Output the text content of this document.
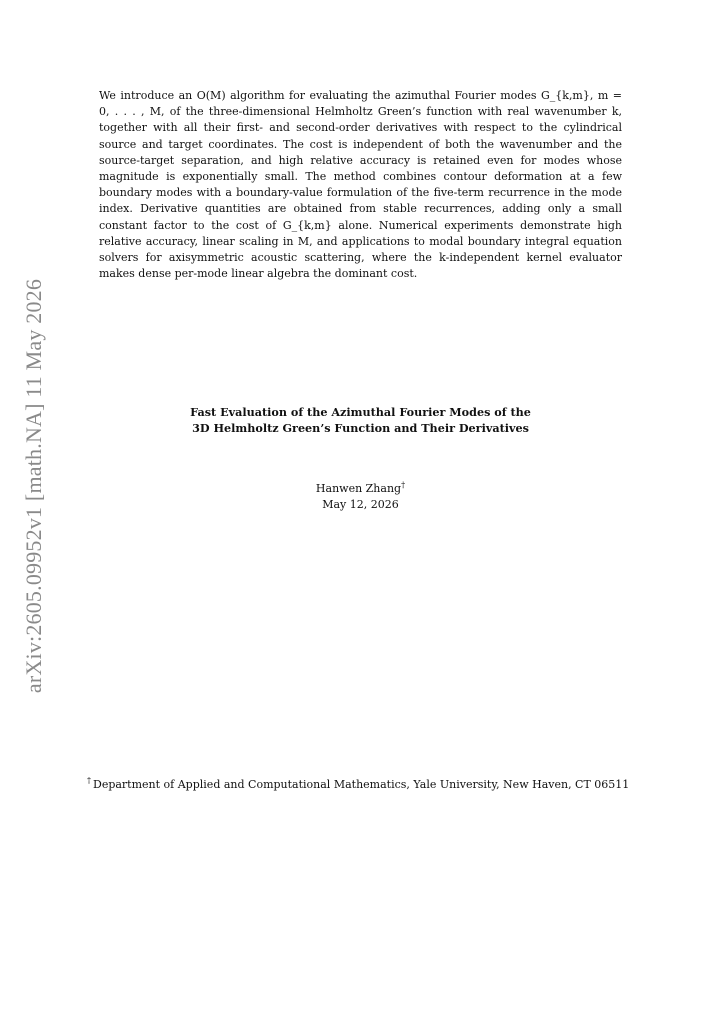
arXiv:2605.09952v1 [math.NA] 11 May 2026

We introduce an O(M) algorithm for evaluating the azimuthal Fourier modes G_{k,m}, m = 0, . . . , M, of the three-dimensional Helmholtz Green’s function with real wavenumber k, together with all their first- and second-order derivatives with respect to the cylindrical source and target coordinates. The cost is independent of both the wavenumber and the source-target separation, and high relative accuracy is retained even for modes whose magnitude is exponentially small. The method combines contour deformation at a few boundary modes with a boundary-value formulation of the five-term recurrence in the mode index. Derivative quantities are obtained from stable recurrences, adding only a small constant factor to the cost of G_{k,m} alone. Numerical experiments demonstrate high relative accuracy, linear scaling in M, and applications to modal boundary integral equation solvers for axisymmetric acoustic scattering, where the k-independent kernel evaluator makes dense per-mode linear algebra the dominant cost.

Fast Evaluation of the Azimuthal Fourier Modes of the
3D Helmholtz Green’s Function and Their Derivatives
Hanwen Zhang†
May 12, 2026

† Department of Applied and Computational Mathematics, Yale University, New Haven, CT 06511
